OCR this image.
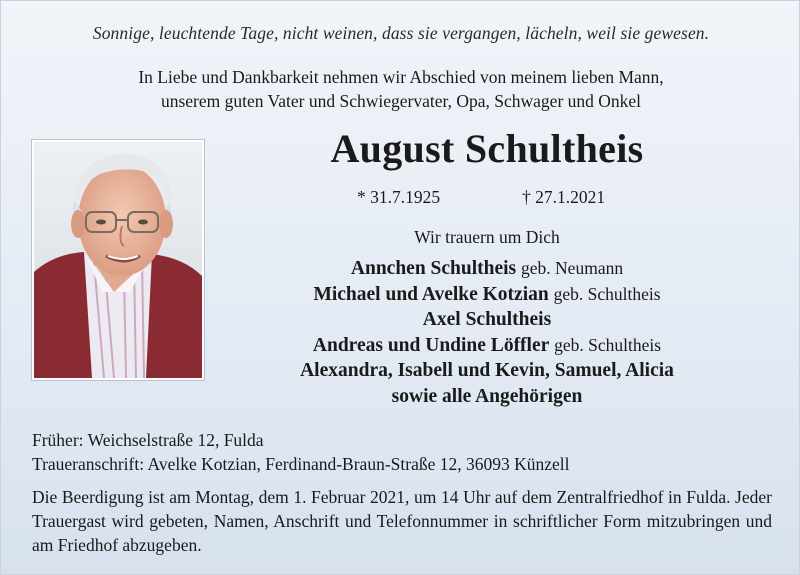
Sonnige, leuchtende Tage, nicht weinen, dass sie vergangen, lächeln, weil sie gewesen.
In Liebe und Dankbarkeit nehmen wir Abschied von meinem lieben Mann,
unserem guten Vater und Schwiegervater, Opa, Schwager und Onkel
August Schultheis
* 31.7.1925	† 27.1.2021
Wir trauern um Dich
Annchen Schultheis geb. Neumann
Michael und Avelke Kotzian geb. Schultheis
Axel Schultheis
Andreas und Undine Löffler geb. Schultheis
Alexandra, Isabell und Kevin, Samuel, Alicia
sowie alle Angehörigen
Früher: Weichselstraße 12, Fulda
Traueranschrift: Avelke Kotzian, Ferdinand-Braun-Straße 12, 36093 Künzell
Die Beerdigung ist am Montag, dem 1. Februar 2021, um 14 Uhr auf dem Zentralfriedhof in Fulda. Jeder Trauergast wird gebeten, Namen, Anschrift und Telefonnummer in schriftlicher Form mitzubringen und am Friedhof abzugeben.
